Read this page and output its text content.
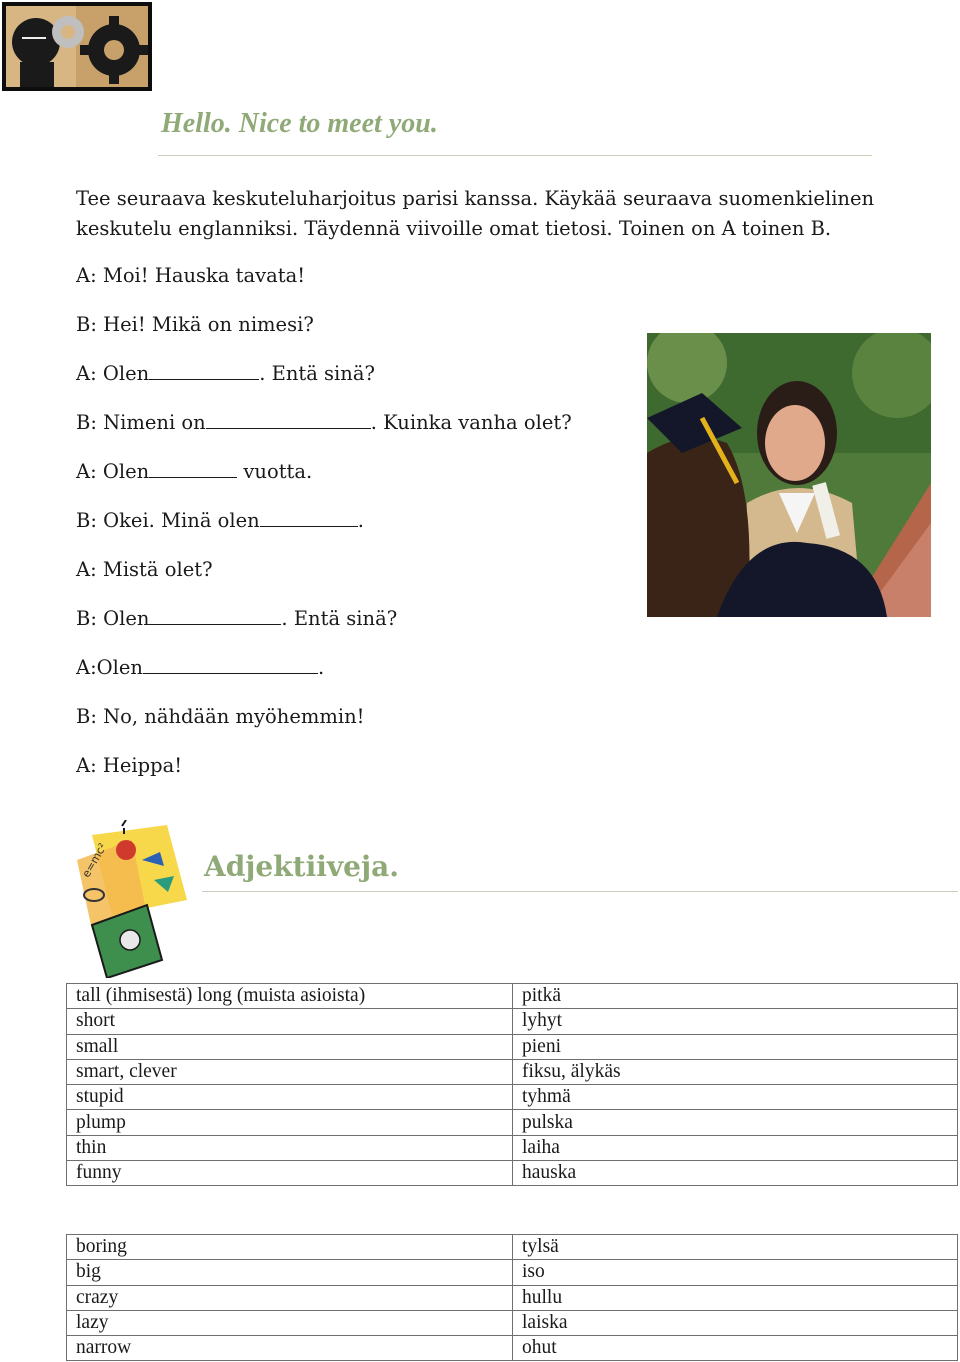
Hello. Nice to meet you.

Tee seuraava keskuteluharjoitus parisi kanssa. Käykää seuraava suomenkielinen keskutelu englanniksi. Täydennä viivoille omat tietosi. Toinen on A toinen B.

A: Moi! Hauska tavata!
B: Hei! Mikä on nimesi?
A: Olen	. Entä sinä?
B: Nimeni on	. Kuinka vanha olet?
A: Olen	vuotta.
B: Okei. Minä olen	.
A: Mistä olet?
B: Olen	. Entä sinä?
A:Olen	.
B: No, nähdään myöhemmin!
A: Heippa!
e=mc²	Adjektiiveja.
tall (ihmisestä) long (muista asioista)	pitkä
short	lyhyt
small	pieni
smart, clever	fiksu, älykäs
stupid	tyhmä
plump	pulska
thin	laiha
funny	hauska
boring	tylsä
big	iso
crazy	hullu
lazy	laiska
narrow	ohut
